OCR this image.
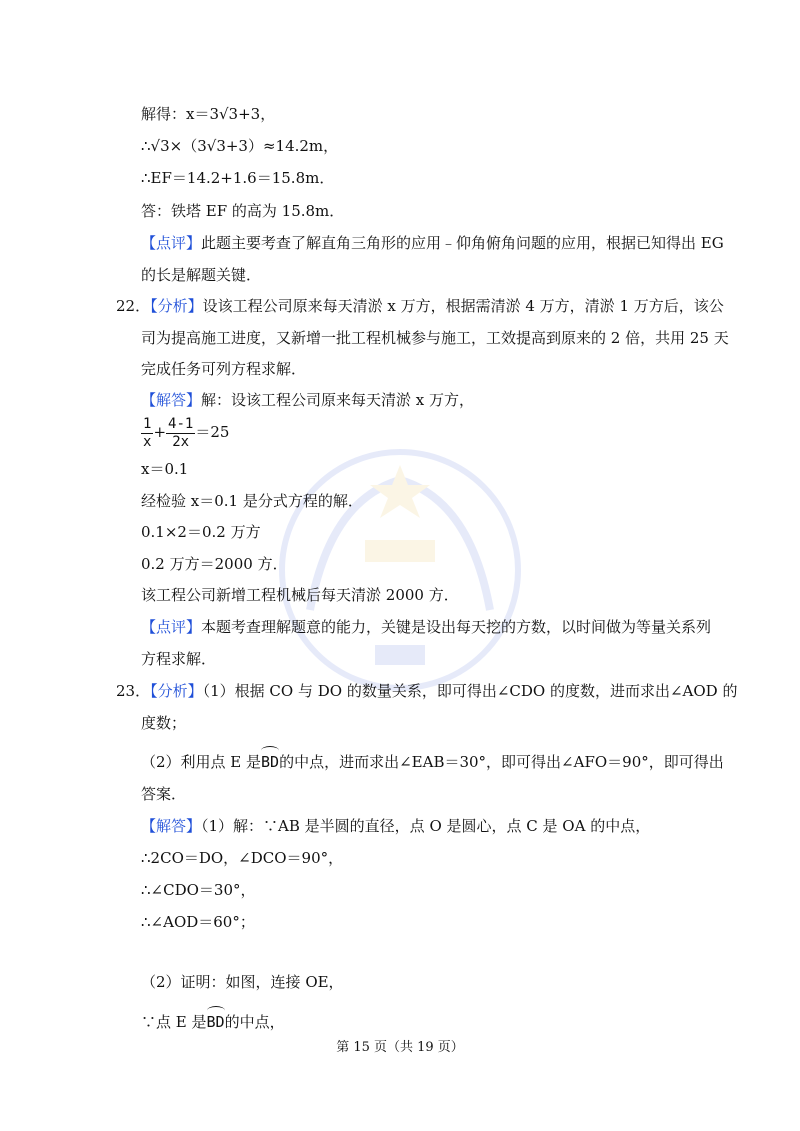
解得：x＝3√3+3，
∴√3×（3√3+3）≈14.2m，
∴EF＝14.2+1.6＝15.8m．
答：铁塔 EF 的高为 15.8m．
【点评】此题主要考查了解直角三角形的应用﹣仰角俯角问题的应用，根据已知得出 EG
的长是解题关键．
22．【分析】设该工程公司原来每天清淤 x 万方，根据需清淤 4 万方，清淤 1 万方后，该公
司为提高施工进度，又新增一批工程机械参与施工，工效提高到原来的 2 倍，共用 25 天
完成任务可列方程求解．
【解答】解：设该工程公司原来每天清淤 x 万方，
$\frac{1}{x} + \frac{4-1}{2x} =25$
x＝0.1
经检验 x＝0.1 是分式方程的解．
0.1×2＝0.2 万方
0.2 万方＝2000 方．
该工程公司新增工程机械后每天清淤 2000 方．
【点评】本题考查理解题意的能力，关键是设出每天挖的方数，以时间做为等量关系列
方程求解．
23．【分析】（1）根据 CO 与 DO 的数量关系，即可得出∠CDO 的度数，进而求出∠AOD 的
度数；
（2）利用点 E 是BD的中点，进而求出∠EAB＝30°，即可得出∠AFO＝90°，即可得出
答案．
【解答】（1）解：∵AB 是半圆的直径，点 O 是圆心，点 C 是 OA 的中点，
∴2CO＝DO，∠DCO＝90°，
∴∠CDO＝30°，
∴∠AOD＝60°；
（2）证明：如图，连接 OE，
∵点 E 是BD的中点，
第 15 页（共 19 页）
